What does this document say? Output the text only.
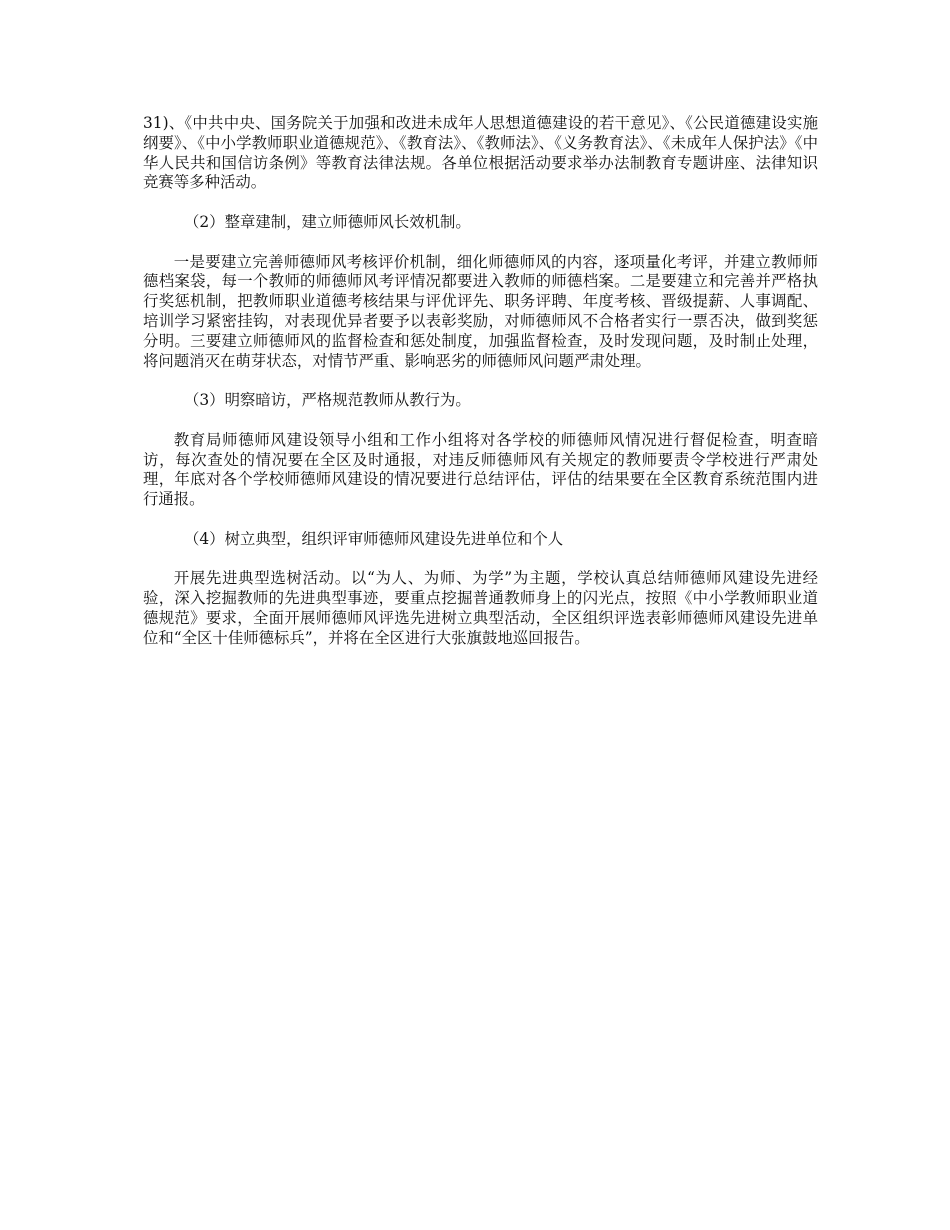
31)、《中共中央、国务院关于加强和改进未成年人思想道德建设的若干意见》、《公民道德建设实施纲要》、《中小学教师职业道德规范》、《教育法》、《教师法》、《义务教育法》、《未成年人保护法》《中华人民共和国信访条例》等教育法律法规。各单位根据活动要求举办法制教育专题讲座、法律知识竞赛等多种活动。

（2）整章建制，建立师德师风长效机制。

一是要建立完善师德师风考核评价机制，细化师德师风的内容，逐项量化考评，并建立教师师德档案袋，每一个教师的师德师风考评情况都要进入教师的师德档案。二是要建立和完善并严格执行奖惩机制，把教师职业道德考核结果与评优评先、职务评聘、年度考核、晋级提薪、人事调配、培训学习紧密挂钩，对表现优异者要予以表彰奖励，对师德师风不合格者实行一票否决，做到奖惩分明。三要建立师德师风的监督检查和惩处制度，加强监督检查，及时发现问题，及时制止处理，将问题消灭在萌芽状态，对情节严重、影响恶劣的师德师风问题严肃处理。

（3）明察暗访，严格规范教师从教行为。

教育局师德师风建设领导小组和工作小组将对各学校的师德师风情况进行督促检查，明查暗访，每次查处的情况要在全区及时通报，对违反师德师风有关规定的教师要责令学校进行严肃处理，年底对各个学校师德师风建设的情况要进行总结评估，评估的结果要在全区教育系统范围内进行通报。

（4）树立典型，组织评审师德师风建设先进单位和个人

开展先进典型选树活动。以“为人、为师、为学”为主题，学校认真总结师德师风建设先进经验，深入挖掘教师的先进典型事迹，要重点挖掘普通教师身上的闪光点，按照《中小学教师职业道德规范》要求，全面开展师德师风评选先进树立典型活动，全区组织评选表彰师德师风建设先进单位和“全区十佳师德标兵”，并将在全区进行大张旗鼓地巡回报告。
